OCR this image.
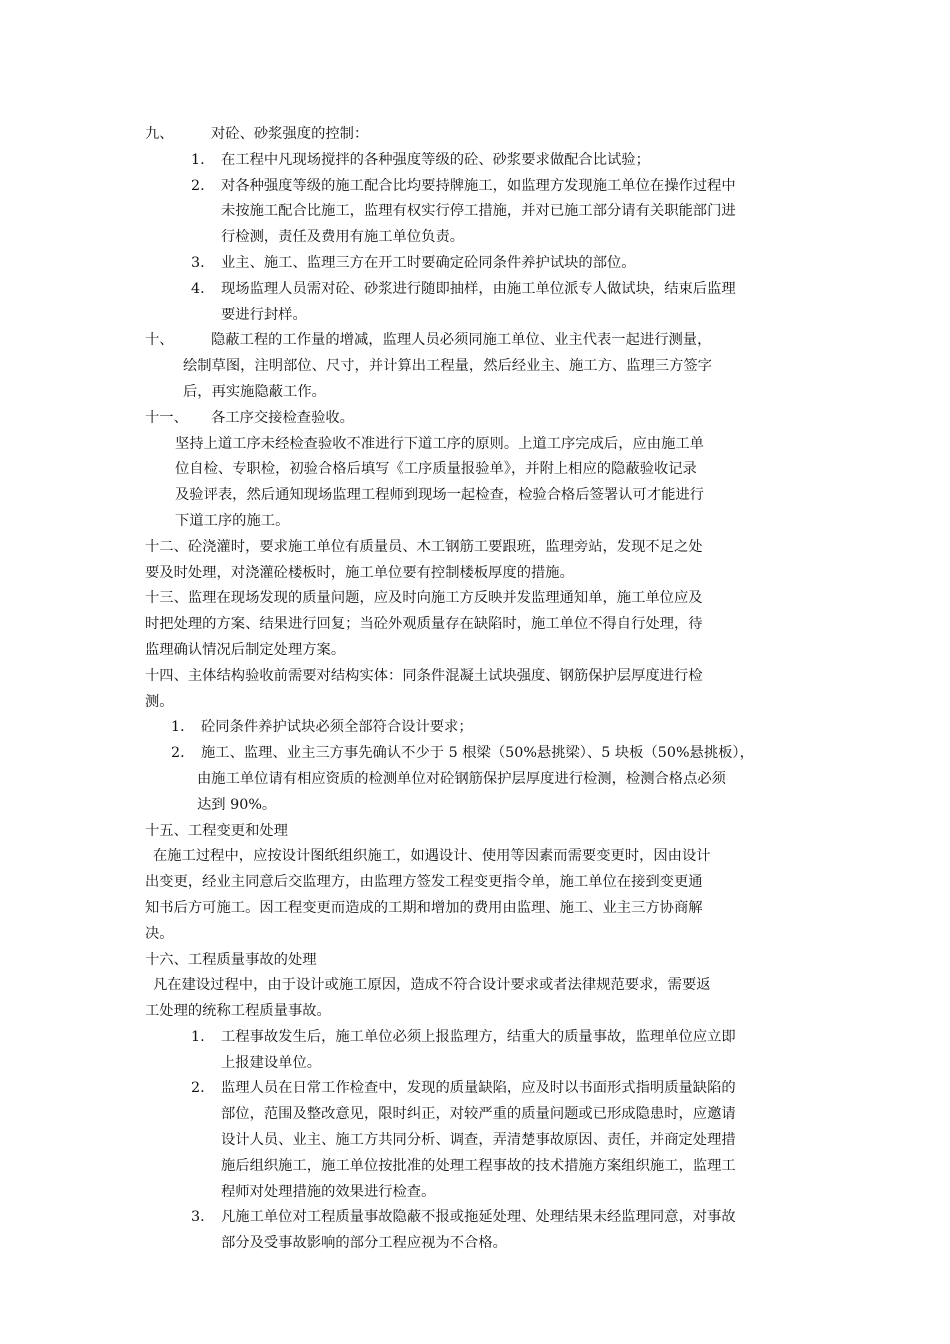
九、	对砼、砂浆强度的控制：
1. 在工程中凡现场搅拌的各种强度等级的砼、砂浆要求做配合比试验；
2. 对各种强度等级的施工配合比均要持牌施工，如监理方发现施工单位在操作过程中
未按施工配合比施工，监理有权实行停工措施，并对已施工部分请有关职能部门进
行检测，责任及费用有施工单位负责。
3. 业主、施工、监理三方在开工时要确定砼同条件养护试块的部位。
4. 现场监理人员需对砼、砂浆进行随即抽样，由施工单位派专人做试块，结束后监理
要进行封样。
十、	隐蔽工程的工作量的增减，监理人员必须同施工单位、业主代表一起进行测量，
绘制草图，注明部位、尺寸，并计算出工程量，然后经业主、施工方、监理三方签字
后，再实施隐蔽工作。
十一、 各工序交接检查验收。
坚持上道工序未经检查验收不准进行下道工序的原则。上道工序完成后，应由施工单
位自检、专职检，初验合格后填写《工序质量报验单》，并附上相应的隐蔽验收记录
及验评表，然后通知现场监理工程师到现场一起检查，检验合格后签署认可才能进行
下道工序的施工。
十二、砼浇灌时，要求施工单位有质量员、木工钢筋工要跟班，监理旁站，发现不足之处
要及时处理，对浇灌砼楼板时，施工单位要有控制楼板厚度的措施。
十三、监理在现场发现的质量问题，应及时向施工方反映并发监理通知单，施工单位应及
时把处理的方案、结果进行回复；当砼外观质量存在缺陷时，施工单位不得自行处理，待
监理确认情况后制定处理方案。
十四、主体结构验收前需要对结构实体：同条件混凝土试块强度、钢筋保护层厚度进行检
测。
1． 砼同条件养护试块必须全部符合设计要求；
2． 施工、监理、业主三方事先确认不少于 5 根梁（50%悬挑梁）、5 块板（50%悬挑板），
由施工单位请有相应资质的检测单位对砼钢筋保护层厚度进行检测，检测合格点必须
达到 90%。
十五、工程变更和处理
在施工过程中，应按设计图纸组织施工，如遇设计、使用等因素而需要变更时，因由设计
出变更，经业主同意后交监理方，由监理方签发工程变更指令单，施工单位在接到变更通
知书后方可施工。因工程变更而造成的工期和增加的费用由监理、施工、业主三方协商解
决。
十六、工程质量事故的处理
凡在建设过程中，由于设计或施工原因，造成不符合设计要求或者法律规范要求，需要返
工处理的统称工程质量事故。
1. 工程事故发生后，施工单位必须上报监理方，结重大的质量事故，监理单位应立即
上报建设单位。
2. 监理人员在日常工作检查中，发现的质量缺陷，应及时以书面形式指明质量缺陷的
部位，范围及整改意见，限时纠正，对较严重的质量问题或已形成隐患时，应邀请
设计人员、业主、施工方共同分析、调查，弄清楚事故原因、责任，并商定处理措
施后组织施工，施工单位按批准的处理工程事故的技术措施方案组织施工，监理工
程师对处理措施的效果进行检查。
3. 凡施工单位对工程质量事故隐蔽不报或拖延处理、处理结果未经监理同意，对事故
部分及受事故影响的部分工程应视为不合格。
